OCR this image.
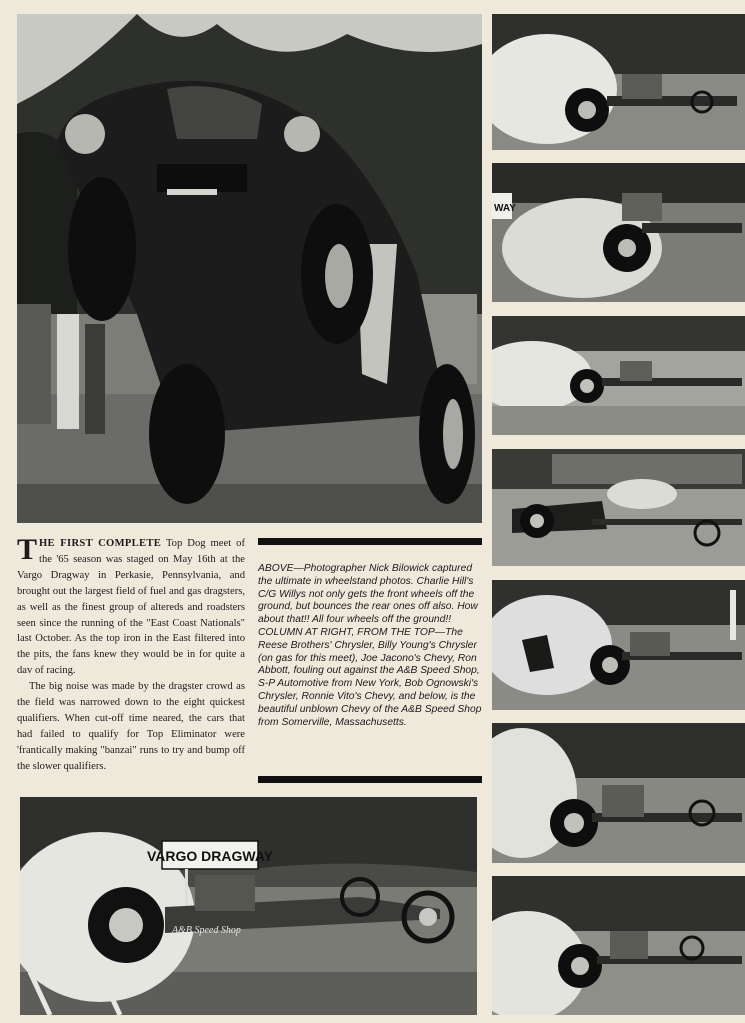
WAY

THE FIRST COMPLETE Top Dog meet of the '65 season was staged on May 16th at the Vargo Dragway in Perkasie, Pennsylvania, and brought out the largest field of fuel and gas dragsters, as well as the finest group of altereds and roadsters seen since the running of the "East Coast Nationals" last October. As the top iron in the East filtered into the pits, the fans knew they would be in for quite a dav of racing.

The big noise was made by the dragster crowd as the field was narrowed down to the eight quickest qualifiers. When cut-off time neared, the cars that had failed to qualify for Top Eliminator were 'frantically making "banzai" runs to try and bump off the slower qualifiers.

ABOVE—Photographer Nick Bilowick captured the ultimate in wheelstand photos. Charlie Hill's C/G Willys not only gets the front wheels off the ground, but bounces the rear ones off also. How about that!! All four wheels off the ground!! COLUMN AT RIGHT, FROM THE TOP—The Reese Brothers' Chrysler, Billy Young's Chrysler (on gas for this meet), Joe Jacono's Chevy, Ron Abbott, fouling out against the A&B Speed Shop, S-P Automotive from New York, Bob Ognowski's Chrysler, Ronnie Vito's Chevy, and below, is the beautiful unblown Chevy of the A&B Speed Shop from Somerville, Massachusetts.
VARGO DRAGWAY
A&B Speed Shop
